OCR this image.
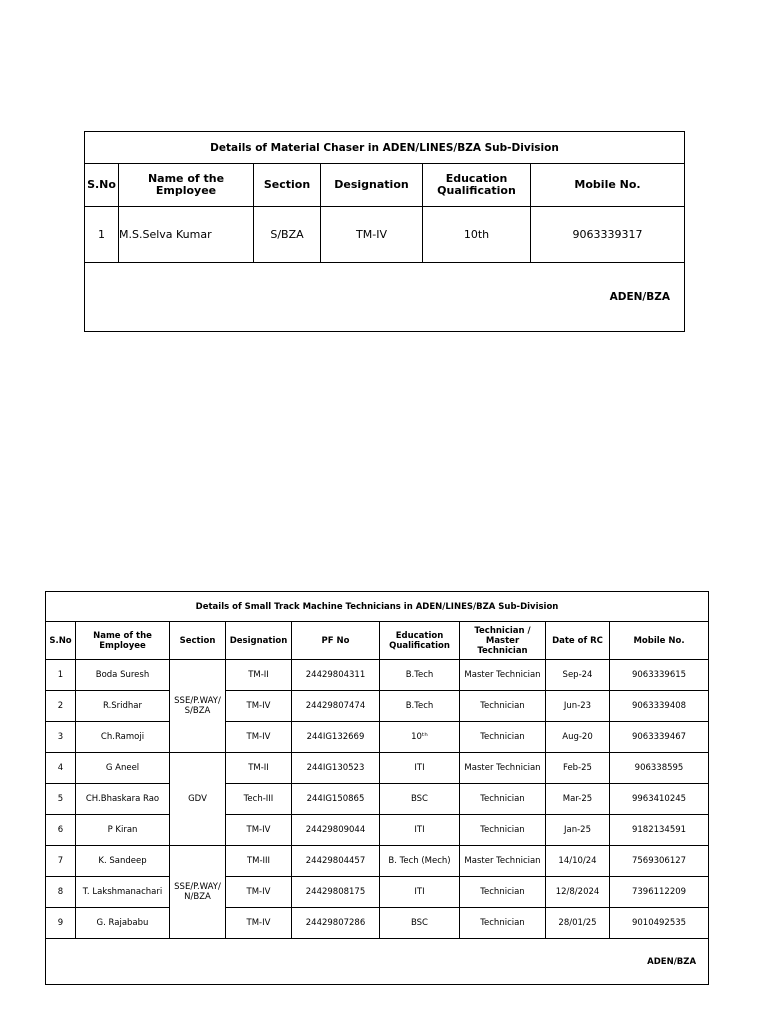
Details of Material Chaser in ADEN/LINES/BZA Sub-Division					
S.No	Name of the Employee	Section	Designation	Education Qualification	Mobile No.
1	M.S.Selva Kumar	S/BZA	TM-IV	10th	9063339317
ADEN/BZA					
Details of Small Track Machine Technicians in ADEN/LINES/BZA Sub-Division								
S.No	Name of the Employee	Section	Designation	PF No	Education Qualification	Technician / Master Technician	Date of RC	Mobile No.
1	Boda Suresh	SSE/P.WAY/ S/BZA	TM-II	24429804311	B.Tech	Master Technician	Sep-24	9063339615
2	R.Sridhar		TM-IV	24429807474	B.Tech	Technician	Jun-23	9063339408
3	Ch.Ramoji		TM-IV	244IG132669	10ᵗʰ	Technician	Aug-20	9063339467
4	G Aneel	GDV	TM-II	244IG130523	ITI	Master Technician	Feb-25	906338595
5	CH.Bhaskara Rao		Tech-III	244IG150865	BSC	Technician	Mar-25	9963410245
6	P Kiran		TM-IV	24429809044	ITI	Technician	Jan-25	9182134591
7	K. Sandeep	SSE/P.WAY/ N/BZA	TM-III	24429804457	B. Tech (Mech)	Master Technician	14/10/24	7569306127
8	T. Lakshmanachari		TM-IV	24429808175	ITI	Technician	12/8/2024	7396112209
9	G. Rajababu		TM-IV	24429807286	BSC	Technician	28/01/25	9010492535
ADEN/BZA								
